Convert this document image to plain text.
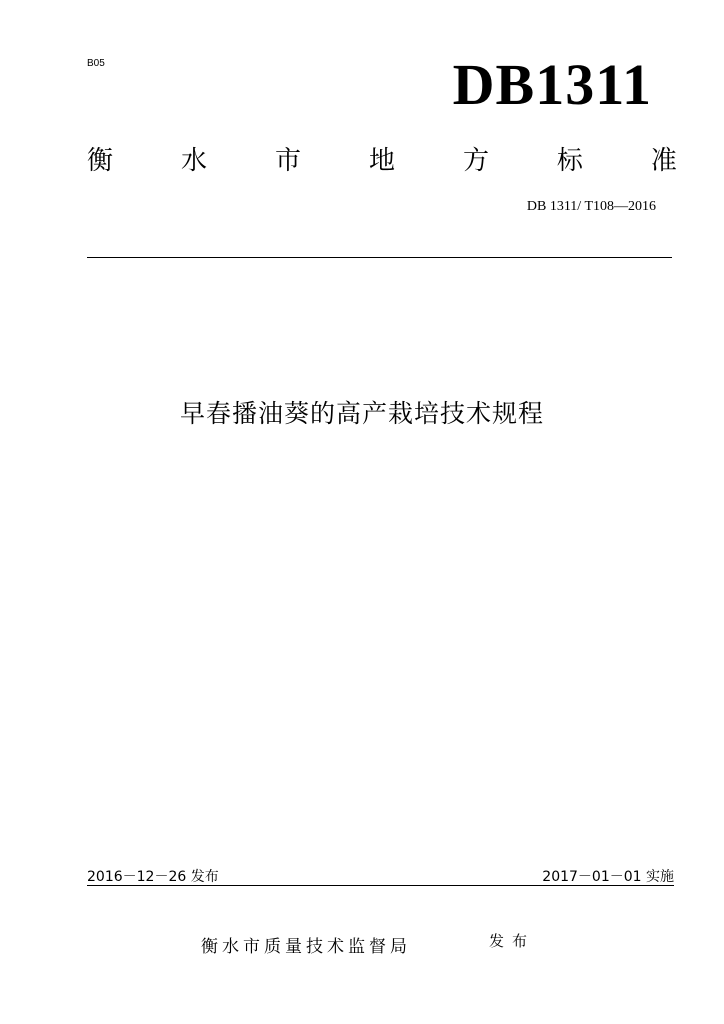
B05	DB1311
衡	水	市	地	方	标	准
DB 1311/ T108—2016
早春播油葵的高产栽培技术规程
2016－12－26 发布	2017－01－01 实施
衡水市质量技术监督局	发布
